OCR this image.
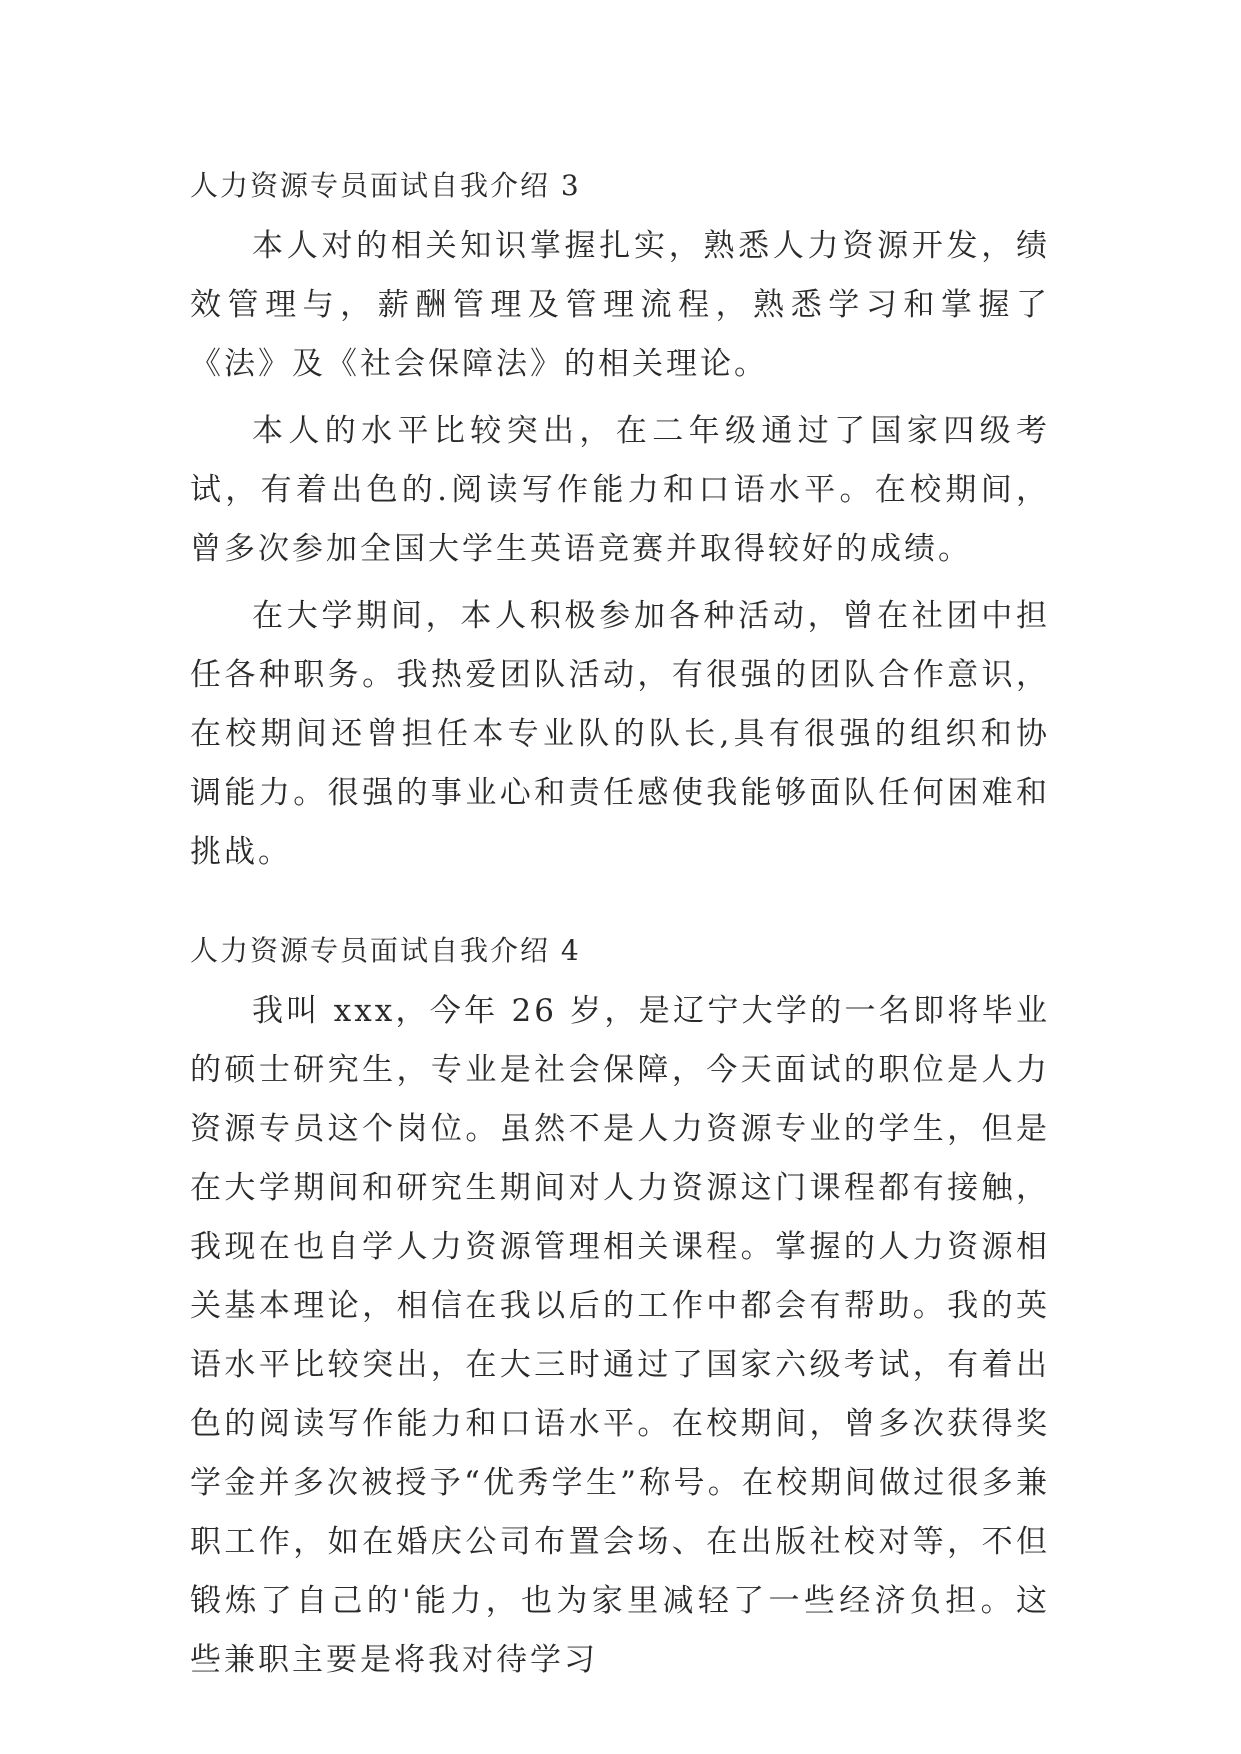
人力资源专员面试自我介绍 3

本人对的相关知识掌握扎实，熟悉人力资源开发，绩效管理与，薪酬管理及管理流程，熟悉学习和掌握了《法》及《社会保障法》的相关理论。

本人的水平比较突出，在二年级通过了国家四级考试，有着出色的.阅读写作能力和口语水平。在校期间，曾多次参加全国大学生英语竞赛并取得较好的成绩。

在大学期间，本人积极参加各种活动，曾在社团中担任各种职务。我热爱团队活动，有很强的团队合作意识，在校期间还曾担任本专业队的队长,具有很强的组织和协调能力。很强的事业心和责任感使我能够面队任何困难和挑战。

人力资源专员面试自我介绍 4

我叫 xxx，今年 26 岁，是辽宁大学的一名即将毕业的硕士研究生，专业是社会保障，今天面试的职位是人力资源专员这个岗位。虽然不是人力资源专业的学生，但是在大学期间和研究生期间对人力资源这门课程都有接触，我现在也自学人力资源管理相关课程。掌握的人力资源相关基本理论，相信在我以后的工作中都会有帮助。我的英语水平比较突出，在大三时通过了国家六级考试，有着出色的阅读写作能力和口语水平。在校期间，曾多次获得奖学金并多次被授予“优秀学生”称号。在校期间做过很多兼职工作，如在婚庆公司布置会场、在出版社校对等，不但锻炼了自己的'能力，也为家里减轻了一些经济负担。这些兼职主要是将我对待学习
